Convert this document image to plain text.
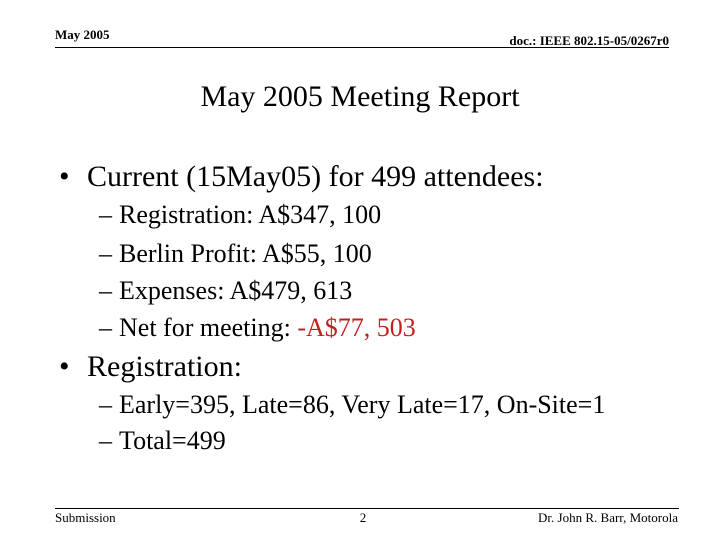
May 2005	doc.: IEEE 802.15-05/0267r0
May 2005 Meeting Report
• Current (15May05) for 499 attendees:
– Registration: A$347, 100
– Berlin Profit: A$55, 100
– Expenses: A$479, 613
– Net for meeting: -A$77, 503
• Registration:
– Early=395, Late=86, Very Late=17, On-Site=1
– Total=499
Submission	2	Dr. John R. Barr, Motorola
